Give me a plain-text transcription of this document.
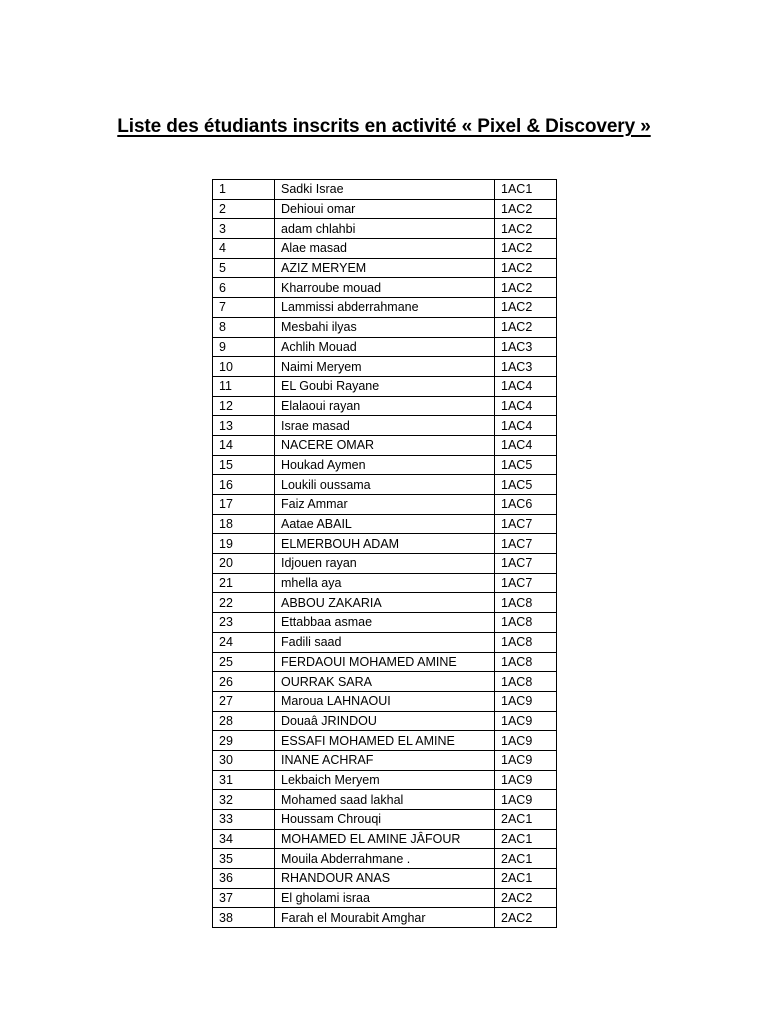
Liste des étudiants inscrits en activité « Pixel & Discovery »
1	Sadki Israe	1AC1
2	Dehioui omar	1AC2
3	adam chlahbi	1AC2
4	Alae masad	1AC2
5	AZIZ MERYEM	1AC2
6	Kharroube mouad	1AC2
7	Lammissi abderrahmane	1AC2
8	Mesbahi ilyas	1AC2
9	Achlih Mouad	1AC3
10	Naimi Meryem	1AC3
11	EL Goubi Rayane	1AC4
12	Elalaoui rayan	1AC4
13	Israe masad	1AC4
14	NACERE OMAR	1AC4
15	Houkad Aymen	1AC5
16	Loukili oussama	1AC5
17	Faiz Ammar	1AC6
18	Aatae ABAIL	1AC7
19	ELMERBOUH ADAM	1AC7
20	Idjouen rayan	1AC7
21	mhella aya	1AC7
22	ABBOU ZAKARIA	1AC8
23	Ettabbaa asmae	1AC8
24	Fadili saad	1AC8
25	FERDAOUI MOHAMED AMINE	1AC8
26	OURRAK SARA	1AC8
27	Maroua LAHNAOUI	1AC9
28	Douaâ JRINDOU	1AC9
29	ESSAFI MOHAMED EL AMINE	1AC9
30	INANE ACHRAF	1AC9
31	Lekbaich Meryem	1AC9
32	Mohamed saad lakhal	1AC9
33	Houssam Chrouqi	2AC1
34	MOHAMED EL AMINE JÂFOUR	2AC1
35	Mouila Abderrahmane .	2AC1
36	RHANDOUR ANAS	2AC1
37	El gholami israa	2AC2
38	Farah el Mourabit Amghar	2AC2
